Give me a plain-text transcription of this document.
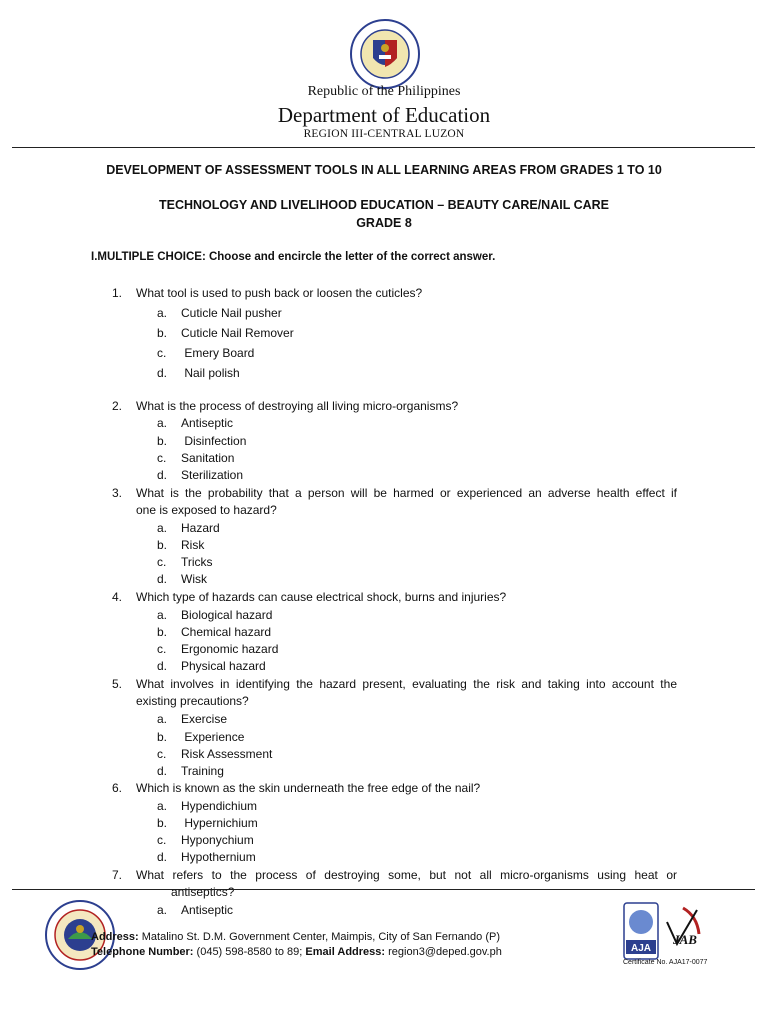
Republic of the Philippines
Department of Education
REGION III-CENTRAL LUZON
DEVELOPMENT OF ASSESSMENT TOOLS IN ALL LEARNING AREAS FROM GRADES 1 TO 10
TECHNOLOGY AND LIVELIHOOD EDUCATION – BEAUTY CARE/NAIL CARE
GRADE 8
I.MULTIPLE CHOICE: Choose and encircle the letter of the correct answer.
1. What tool is used to push back or loosen the cuticles?
a. Cuticle Nail pusher
b. Cuticle Nail Remover
c. Emery Board
d. Nail polish
2. What is the process of destroying all living micro-organisms?
a. Antiseptic
b. Disinfection
c. Sanitation
d. Sterilization
3. What is the probability that a person will be harmed or experienced an adverse health effect if
one is exposed to hazard?
a. Hazard
b. Risk
c. Tricks
d. Wisk
4. Which type of hazards can cause electrical shock, burns and injuries?
a. Biological hazard
b. Chemical hazard
c. Ergonomic hazard
d. Physical hazard
5. What involves in identifying the hazard present, evaluating the risk and taking into account the
existing precautions?
a. Exercise
b. Experience
c. Risk Assessment
d. Training
6. Which is known as the skin underneath the free edge of the nail?
a. Hypendichium
b. Hypernichium
c. Hyponychium
d. Hypothernium
7. What refers to the process of destroying some, but not all micro-organisms using heat or
antiseptics?
a. Antiseptic
Address: Matalino St. D.M. Government Center, Maimpis, City of San Fernando (P)
Telephone Number: (045) 598-8580 to 89; Email Address: region3@deped.gov.ph	AJA
JAB
Certificate No. AJA17-0077
